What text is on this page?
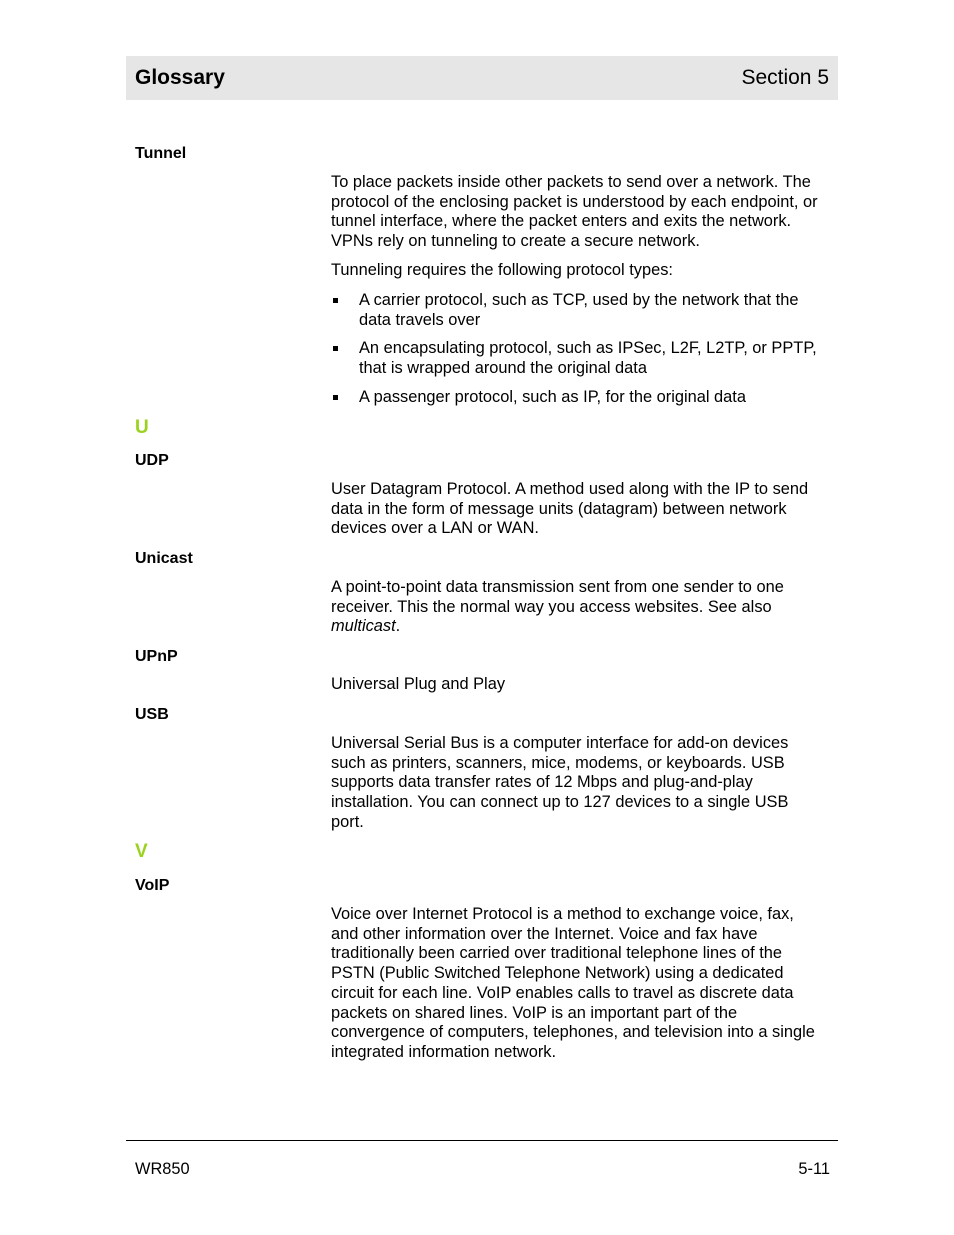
Glossary	Section 5
Tunnel

To place packets inside other packets to send over a network. The protocol of the enclosing packet is understood by each endpoint, or tunnel interface, where the packet enters and exits the network. VPNs rely on tunneling to create a secure network.

Tunneling requires the following protocol types:

A carrier protocol, such as TCP, used by the network that the data travels over
An encapsulating protocol, such as IPSec, L2F, L2TP, or PPTP, that is wrapped around the original data
A passenger protocol, such as IP, for the original data
U
UDP

User Datagram Protocol. A method used along with the IP to send data in the form of message units (datagram) between network devices over a LAN or WAN.

Unicast

A point-to-point data transmission sent from one sender to one receiver. This the normal way you access websites. See also multicast.

UPnP

Universal Plug and Play

USB

Universal Serial Bus is a computer interface for add-on devices such as printers, scanners, mice, modems, or keyboards. USB supports data transfer rates of 12 Mbps and plug-and-play installation. You can connect up to 127 devices to a single USB port.

V
VoIP

Voice over Internet Protocol is a method to exchange voice, fax, and other information over the Internet. Voice and fax have traditionally been carried over traditional telephone lines of the PSTN (Public Switched Telephone Network) using a dedicated circuit for each line. VoIP enables calls to travel as discrete data packets on shared lines. VoIP is an important part of the convergence of computers, telephones, and television into a single integrated information network.

WR850	5-11
